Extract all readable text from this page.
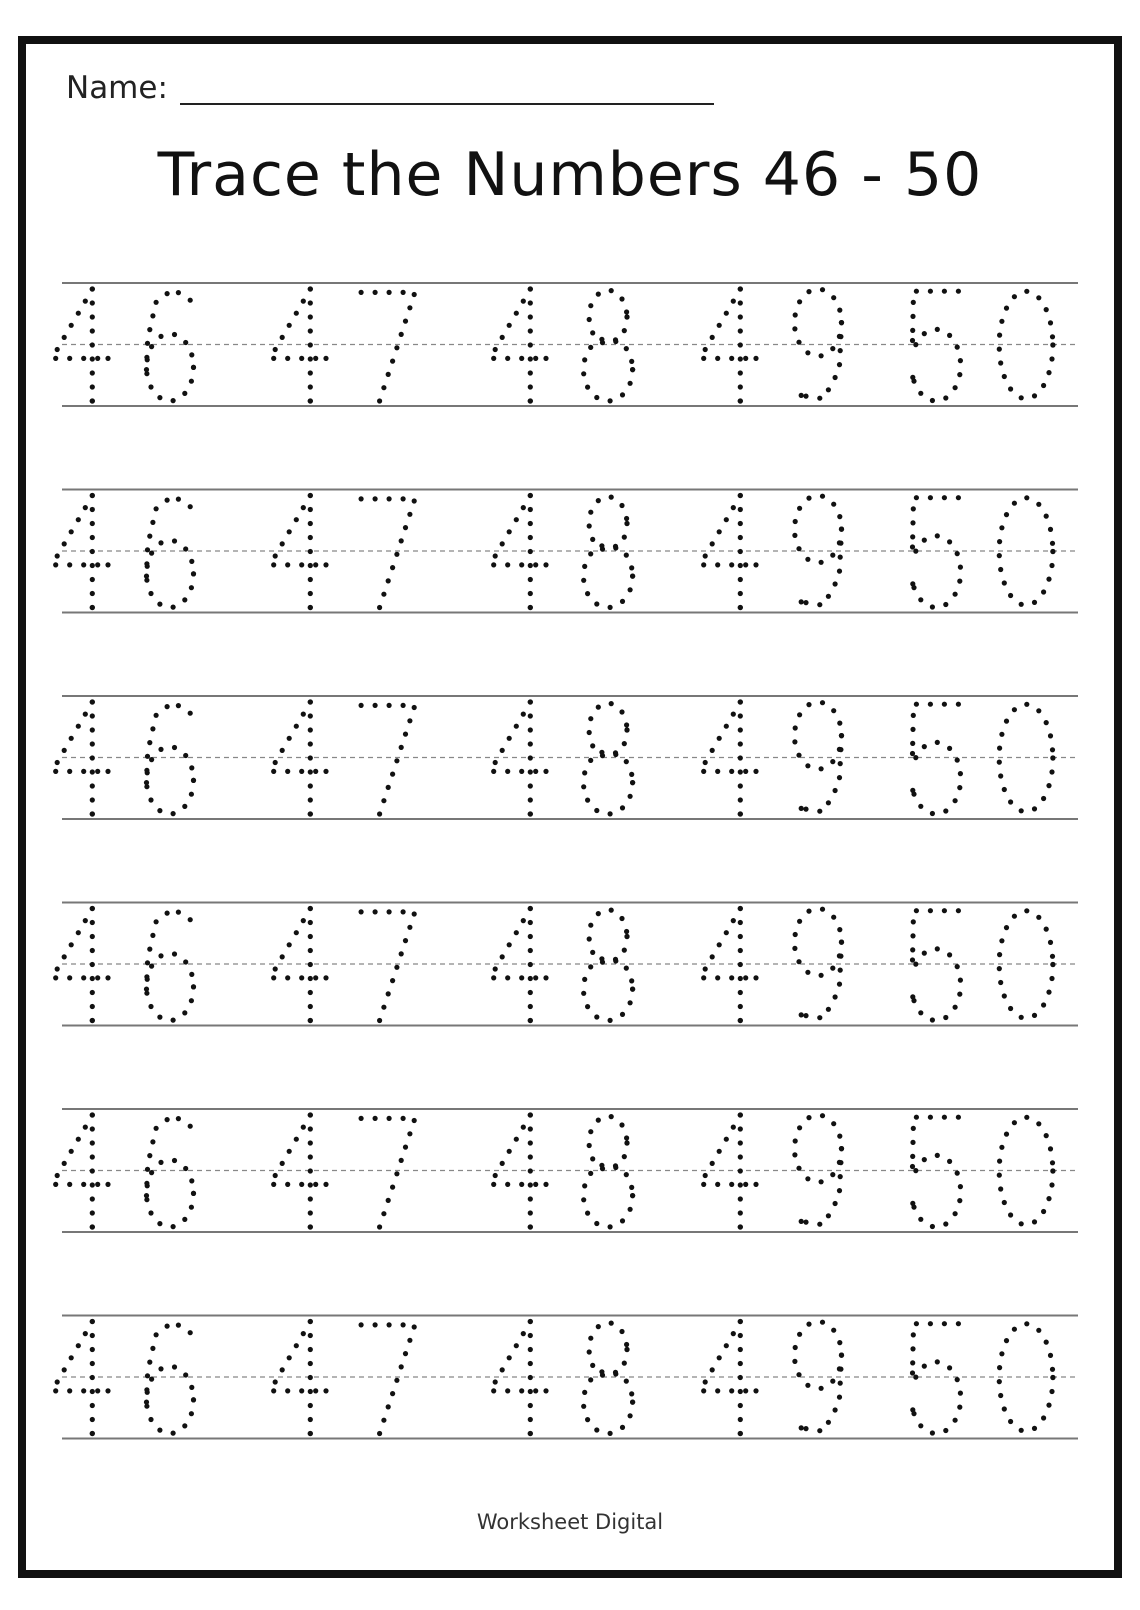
Name:
Trace the Numbers 46 - 50
Worksheet Digital
